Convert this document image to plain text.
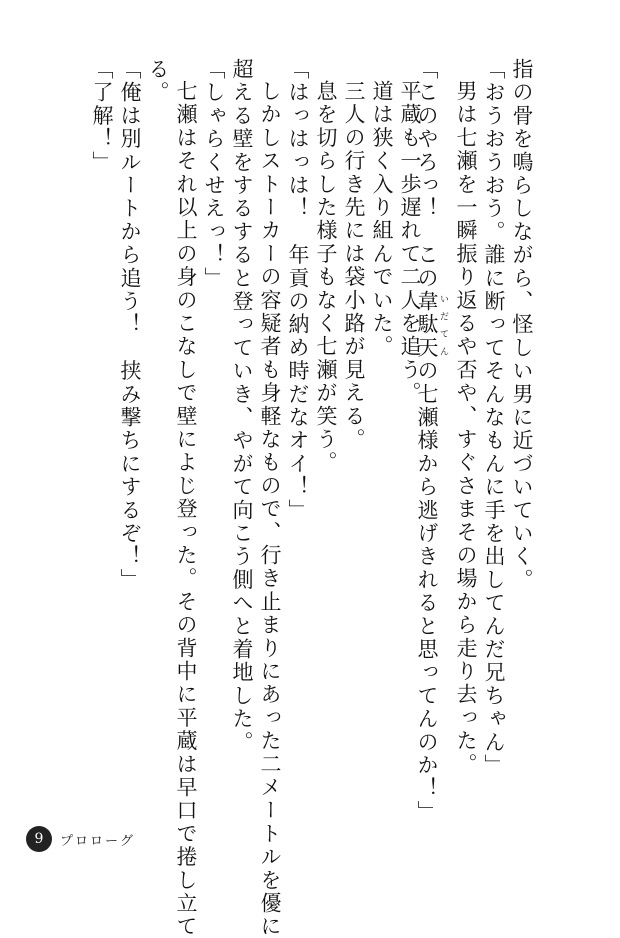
指の骨を鳴らしながら、怪しい男に近づいていく。
「おうおうおう。誰に断ってそんなもんに手を出してんだ兄ちゃん」
男は七瀬を一瞬振り返るや否や、すぐさまその場から走り去った。
「このやろっ！　この韋駄天 いだてんの七瀬様から逃げきれると思ってんのか！」
平蔵も一歩遅れて二人を追う。
道は狭く入り組んでいた。
三人の行き先には袋小路が見える。
息を切らした様子もなく七瀬が笑う。
「はっはっは！　年貢の納め時だなオイ！」
しかしストーカーの容疑者も身軽なもので、行き止まりにあった二メートルを優に
超える壁をするすると登っていき、やがて向こう側へと着地した。
「しゃらくせえっ！」
七瀬はそれ以上の身のこなしで壁によじ登った。その背中に平蔵は早口で捲し立て
る。
「俺は別ルートから追う！　挟み撃ちにするぞ！」
「了解！」
9	プロローグ
